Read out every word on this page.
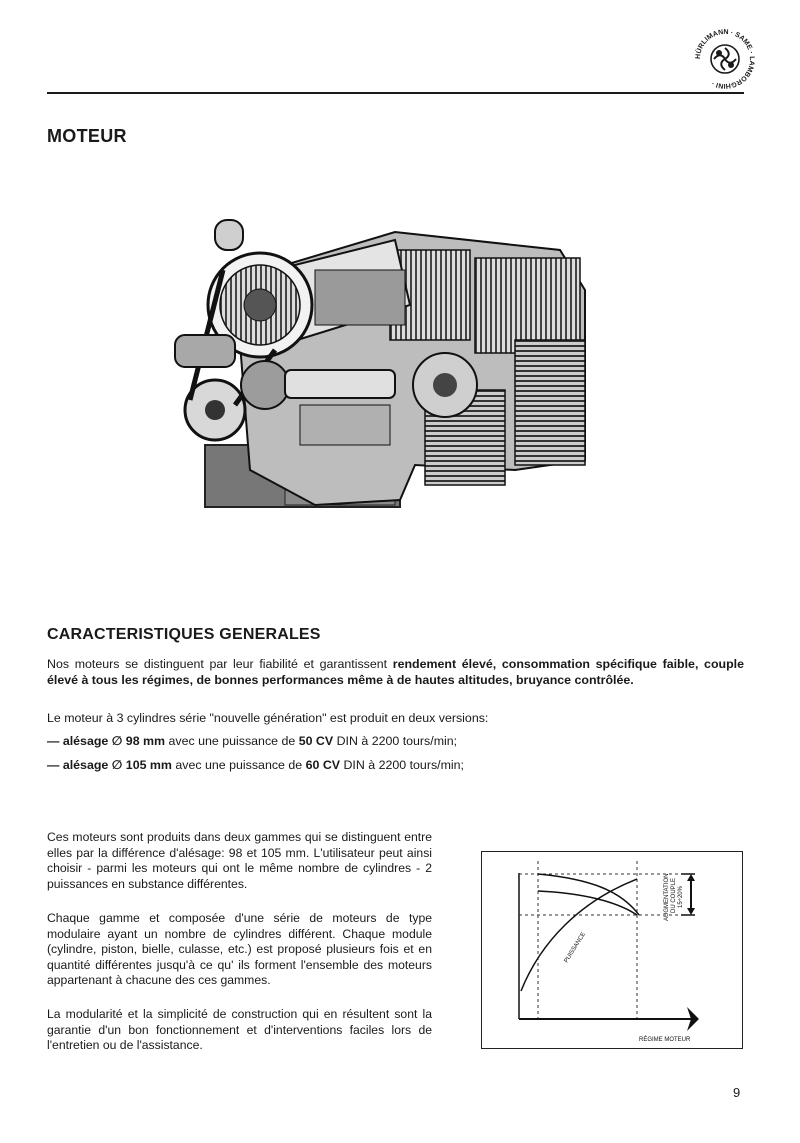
HÜRLIMANN · SAME · LAMBORGHINI ·
MOTEUR
CARACTERISTIQUES GENERALES

Nos moteurs se distinguent par leur fiabilité et garantissent rendement élevé, consommation spécifique faible, couple élevé à tous les régimes, de bonnes performances même à de hautes altitudes, bruyance contrôlée.

Le moteur à 3 cylindres série "nouvelle génération" est produit en deux versions:

— alésage ∅ 98 mm avec une puissance de 50 CV DIN à 2200 tours/min;
— alésage ∅ 105 mm avec une puissance de 60 CV DIN à 2200 tours/min;

Ces moteurs sont produits dans deux gammes qui se distinguent entre elles par la différence d'alésage: 98 et 105 mm. L'utilisateur peut ainsi choisir - parmi les moteurs qui ont le même nombre de cylindres - 2 puissances en substance différentes.

Chaque gamme et composée d'une série de moteurs de type modulaire ayant un nombre de cylindres différent. Chaque module (cylindre, piston, bielle, culasse, etc.) est proposé plusieurs fois et en quantité différentes jusqu'à ce qu' ils forment l'ensemble des moteurs appartenant à chacune des ces gammes.

La modularité et la simplicité de construction qui en résultent sont la garantie d'un bon fonctionnement et d'interventions faciles lors de l'entretien ou de l'assistance.

PUISSANCE
AUGMENTATION DU COUPLE 15÷20%
RÉGIME MOTEUR
9
